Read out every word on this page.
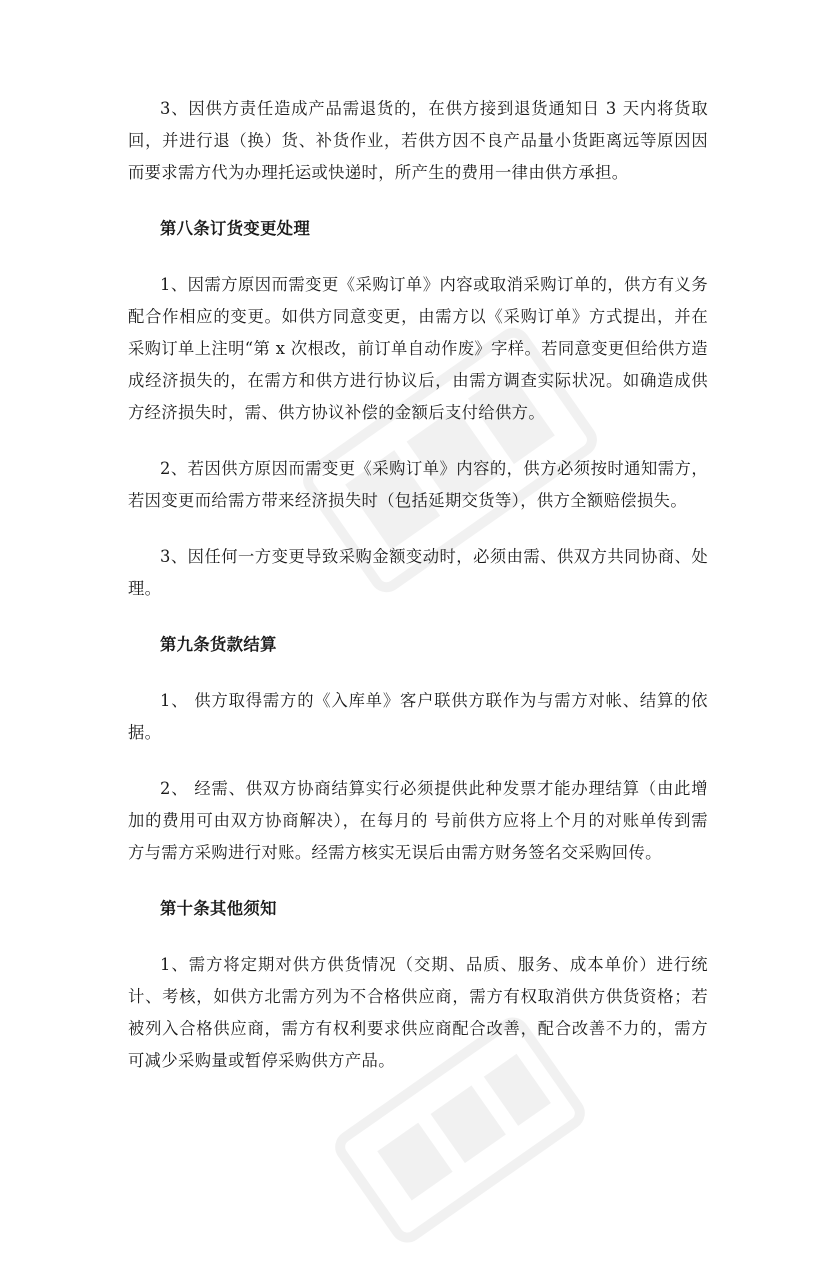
3、因供方责任造成产品需退货的，在供方接到退货通知日 3 天内将货取回，并进行退（换）货、补货作业，若供方因不良产品量小货距离远等原因因而要求需方代为办理托运或快递时，所产生的费用一律由供方承担。

第八条订货变更处理

1、因需方原因而需变更《采购订单》内容或取消采购订单的，供方有义务配合作相应的变更。如供方同意变更，由需方以《采购订单》方式提出，并在采购订单上注明“第 x 次根改，前订单自动作废》字样。若同意变更但给供方造成经济损失的，在需方和供方进行协议后，由需方调查实际状况。如确造成供方经济损失时，需、供方协议补偿的金额后支付给供方。

2、若因供方原因而需变更《采购订单》内容的，供方必须按时通知需方，若因变更而给需方带来经济损失时（包括延期交货等），供方全额赔偿损失。

3、因任何一方变更导致采购金额变动时，必须由需、供双方共同协商、处理。

第九条货款结算

1、 供方取得需方的《入库单》客户联供方联作为与需方对帐、结算的依据。

2、 经需、供双方协商结算实行必须提供此种发票才能办理结算（由此增加的费用可由双方协商解决），在每月的 号前供方应将上个月的对账单传到需方与需方采购进行对账。经需方核实无误后由需方财务签名交采购回传。

第十条其他须知

1、需方将定期对供方供货情况（交期、品质、服务、成本单价）进行统计、考核，如供方北需方列为不合格供应商，需方有权取消供方供货资格；若被列入合格供应商，需方有权利要求供应商配合改善，配合改善不力的，需方可减少采购量或暂停采购供方产品。
